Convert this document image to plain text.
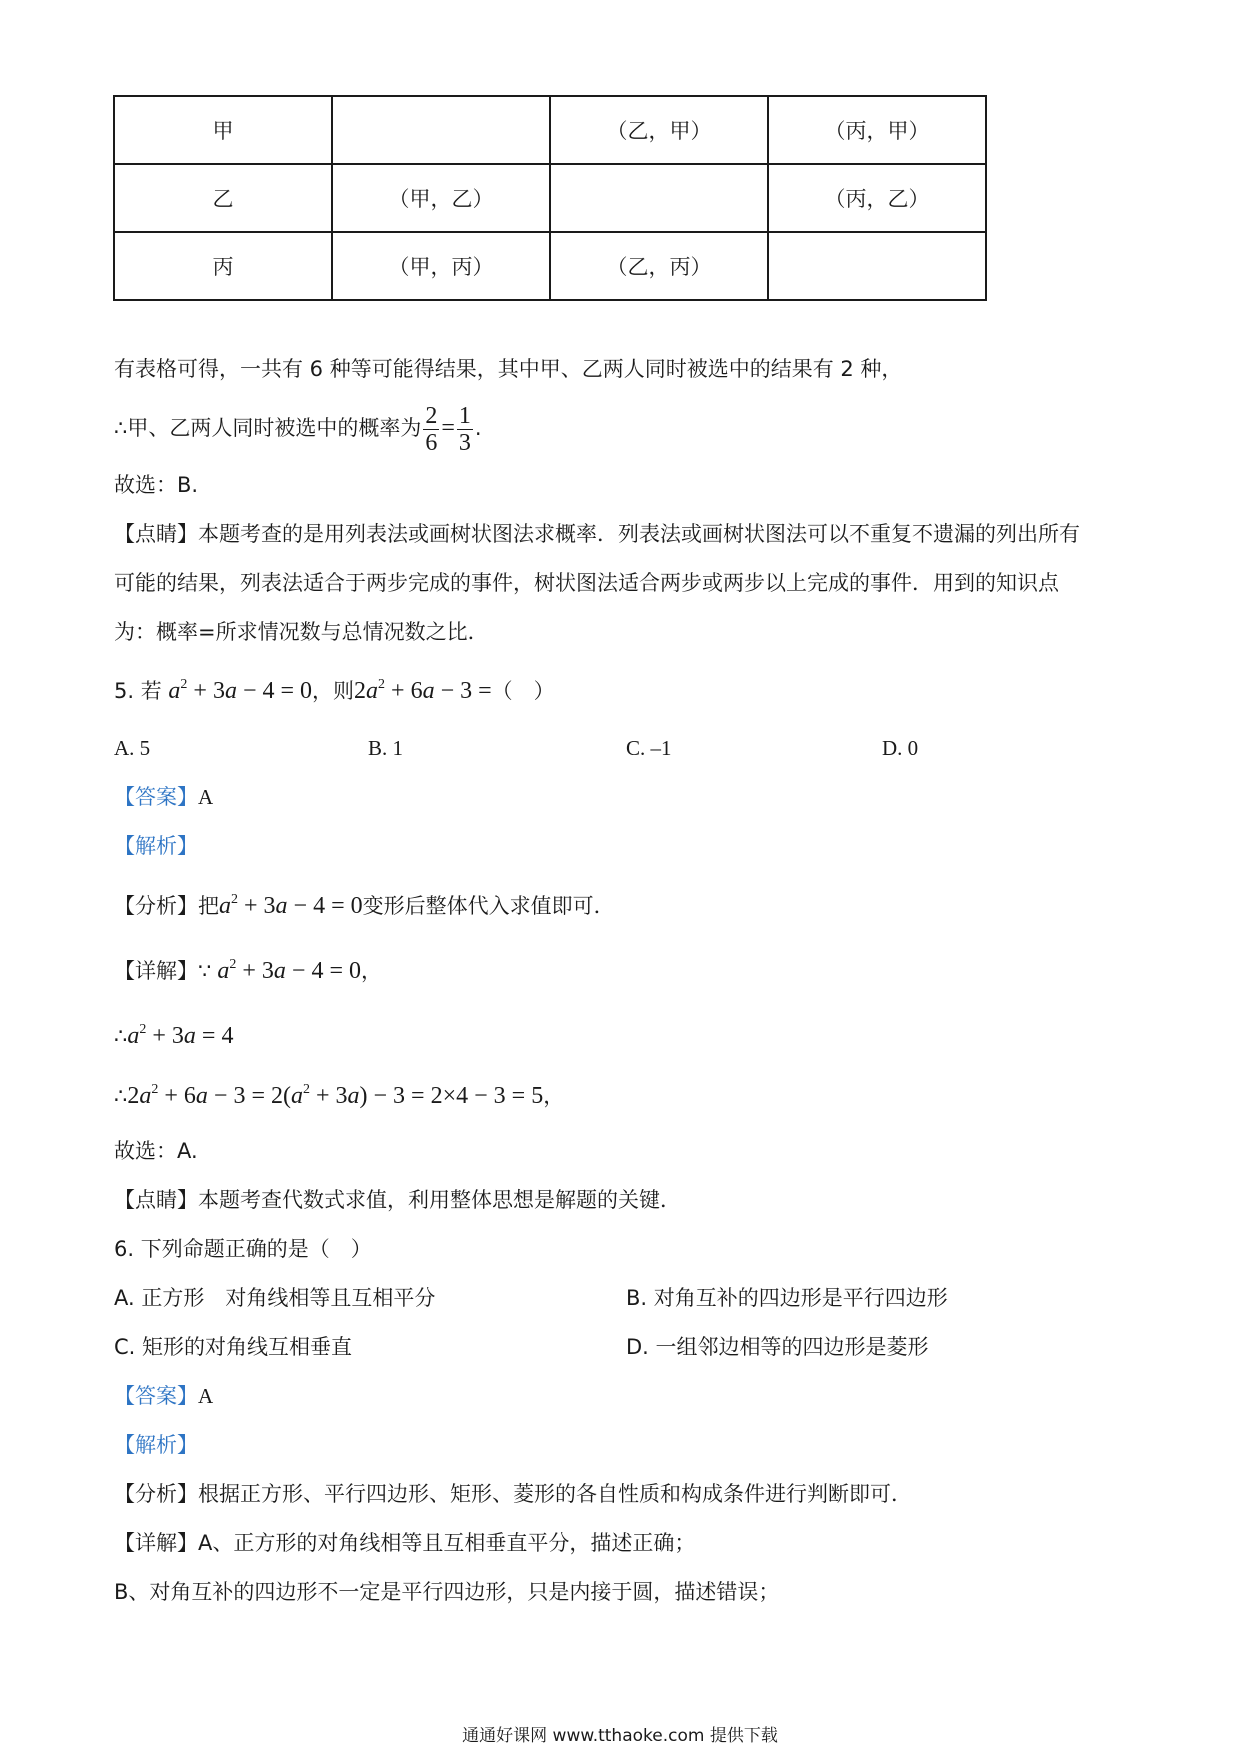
甲		（乙，甲）	（丙，甲）
乙	（甲，乙）		（丙，乙）
丙	（甲，丙）	（乙，丙）	
有表格可得，一共有 6 种等可能得结果，其中甲、乙两人同时被选中的结果有 2 种，
∴甲、乙两人同时被选中的概率为 $\frac{2}{6} = \frac{1}{3}$ .
故选：B.
【点睛】本题考查的是用列表法或画树状图法求概率．列表法或画树状图法可以不重复不遗漏的列出所有
可能的结果，列表法适合于两步完成的事件，树状图法适合两步或两步以上完成的事件．用到的知识点
为：概率=所求情况数与总情况数之比．
5. 若 $a^2 + 3a - 4 = 0$，则$2a^2 + 6a - 3$ =（　）
A. 5	B. 1	C. –1	D. 0
【答案】A
【解析】
【分析】把$a^2 + 3a - 4 = 0$变形后整体代入求值即可．
【详解】∵ $a^2 + 3a - 4 = 0$，
$\therefore a^2 + 3a = 4$
$\therefore 2a^2 + 6a - 3 = 2(a^2 + 3a) - 3 = 2\times 4 - 3 = 5$，
故选：A.
【点睛】本题考查代数式求值，利用整体思想是解题的关键．
6. 下列命题正确的是（　）
A. 正方形　对角线相等且互相平分	B. 对角互补的四边形是平行四边形
C. 矩形的对角线互相垂直	D. 一组邻边相等的四边形是菱形
【答案】A
【解析】
【分析】根据正方形、平行四边形、矩形、菱形的各自性质和构成条件进行判断即可．
【详解】A、正方形的对角线相等且互相垂直平分，描述正确；
B、对角互补的四边形不一定是平行四边形，只是内接于圆，描述错误；
通通好课网 www.tthaoke.com 提供下载
